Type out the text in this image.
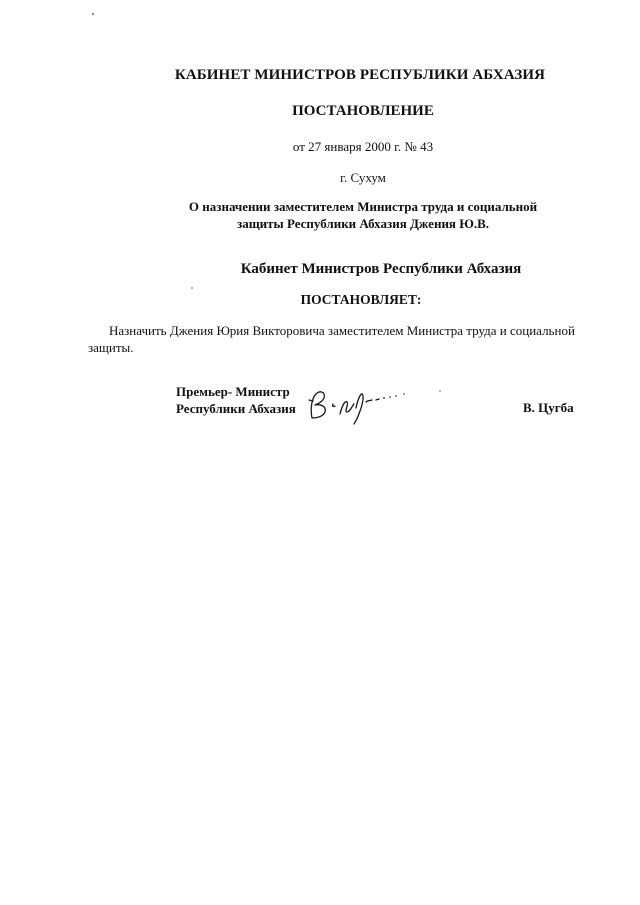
КАБИНЕТ МИНИСТРОВ РЕСПУБЛИКИ АБХАЗИЯ
ПОСТАНОВЛЕНИЕ
от 27 января 2000 г. № 43
г. Сухум
О назначении заместителем Министра труда и социальной
защиты Республики Абхазия Джения Ю.В.
Кабинет Министров Республики Абхазия
ПОСТАНОВЛЯЕТ:
Назначить Джения Юрия Викторовича заместителем Министра труда и социальной
защиты.
Премьер- Министр
Республики Абхазия	В. Цугба
